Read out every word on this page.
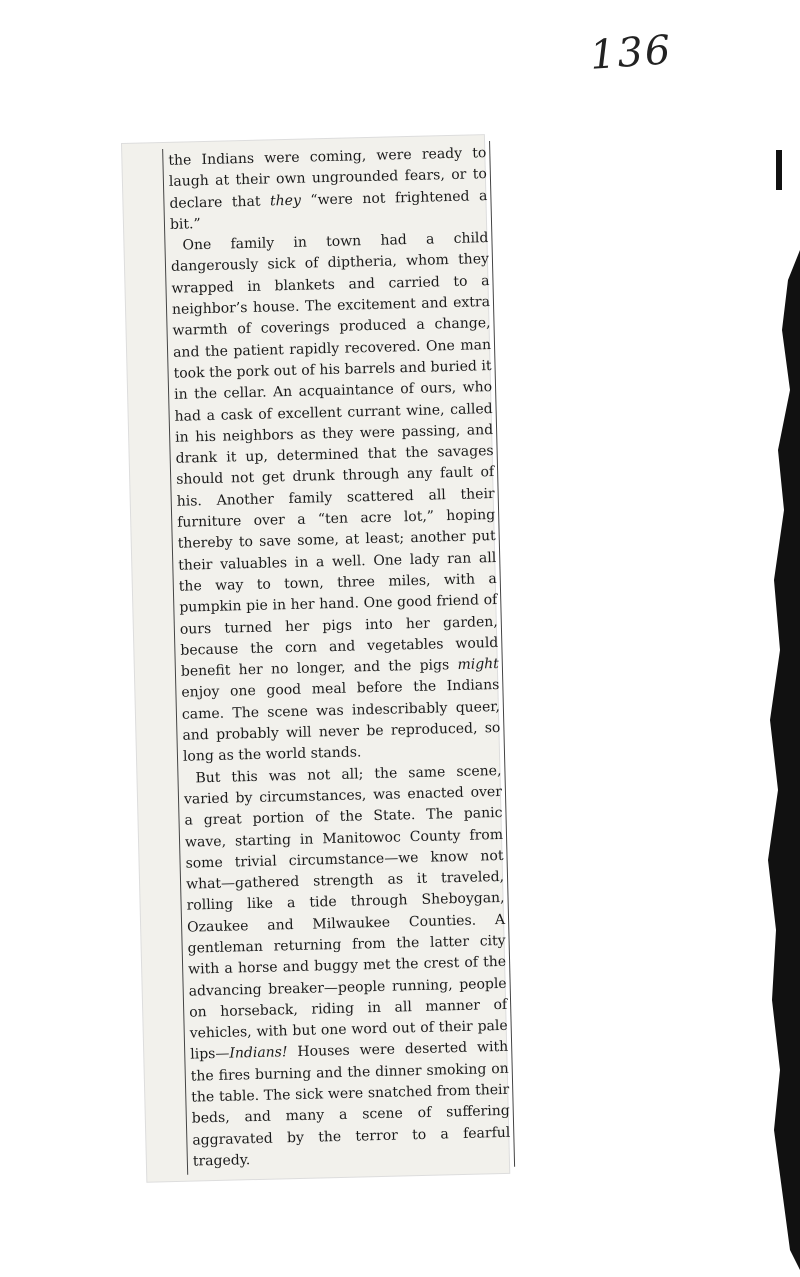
136

the Indians were coming, were ready to laugh at their own ungrounded fears, or to declare that they “were not frightened a bit.”

One family in town had a child dangerously sick of diptheria, whom they wrapped in blankets and carried to a neighbor’s house. The excitement and extra warmth of coverings produced a change, and the patient rapidly recovered. One man took the pork out of his barrels and buried it in the cellar. An acquaintance of ours, who had a cask of excellent currant wine, called in his neighbors as they were passing, and drank it up, determined that the savages should not get drunk through any fault of his. Another family scattered all their furniture over a “ten acre lot,” hoping thereby to save some, at least; another put their valuables in a well. One lady ran all the way to town, three miles, with a pumpkin pie in her hand. One good friend of ours turned her pigs into her garden, because the corn and vegetables would benefit her no longer, and the pigs might enjoy one good meal before the Indians came. The scene was indescribably queer, and probably will never be reproduced, so long as the world stands.

But this was not all; the same scene, varied by circumstances, was enacted over a great portion of the State. The panic wave, starting in Manitowoc County from some trivial circumstance—we know not what—gathered strength as it traveled, rolling like a tide through Sheboygan, Ozaukee and Milwaukee Counties. A gentleman returning from the latter city with a horse and buggy met the crest of the advancing breaker—people running, people on horseback, riding in all manner of vehicles, with but one word out of their pale lips—Indians! Houses were deserted with the fires burning and the dinner smoking on the table. The sick were snatched from their beds, and many a scene of suffering aggravated by the terror to a fearful tragedy.
